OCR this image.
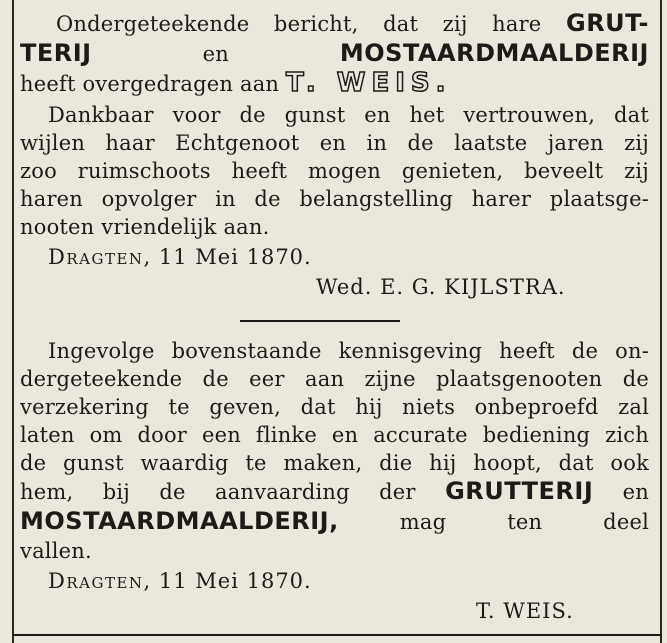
Ondergeteekende bericht, dat zij hare GRUT-
TERIJ	en	MOSTAARDMAALDERIJ
heeft overgedragen aan T. WEIS.
Dankbaar voor de gunst en het vertrouwen, dat
wijlen haar Echtgenoot en in de laatste jaren zij
zoo ruimschoots heeft mogen genieten, beveelt zij
haren opvolger in de belangstelling harer plaatsge-
nooten vriendelijk aan.
Dragten, 11 Mei 1870.
Wed. E. G. KIJLSTRA.
Ingevolge bovenstaande kennisgeving heeft de on-
dergeteekende de eer aan zijne plaatsgenooten de
verzekering te geven, dat hij niets onbeproefd zal
laten om door een flinke en accurate bediening zich
de gunst waardig te maken, die hij hoopt, dat ook
hem, bij de aanvaarding der GRUTTERIJ en
MOSTAARDMAALDERIJ,	mag ten deel
vallen.
Dragten, 11 Mei 1870.
T. WEIS.
